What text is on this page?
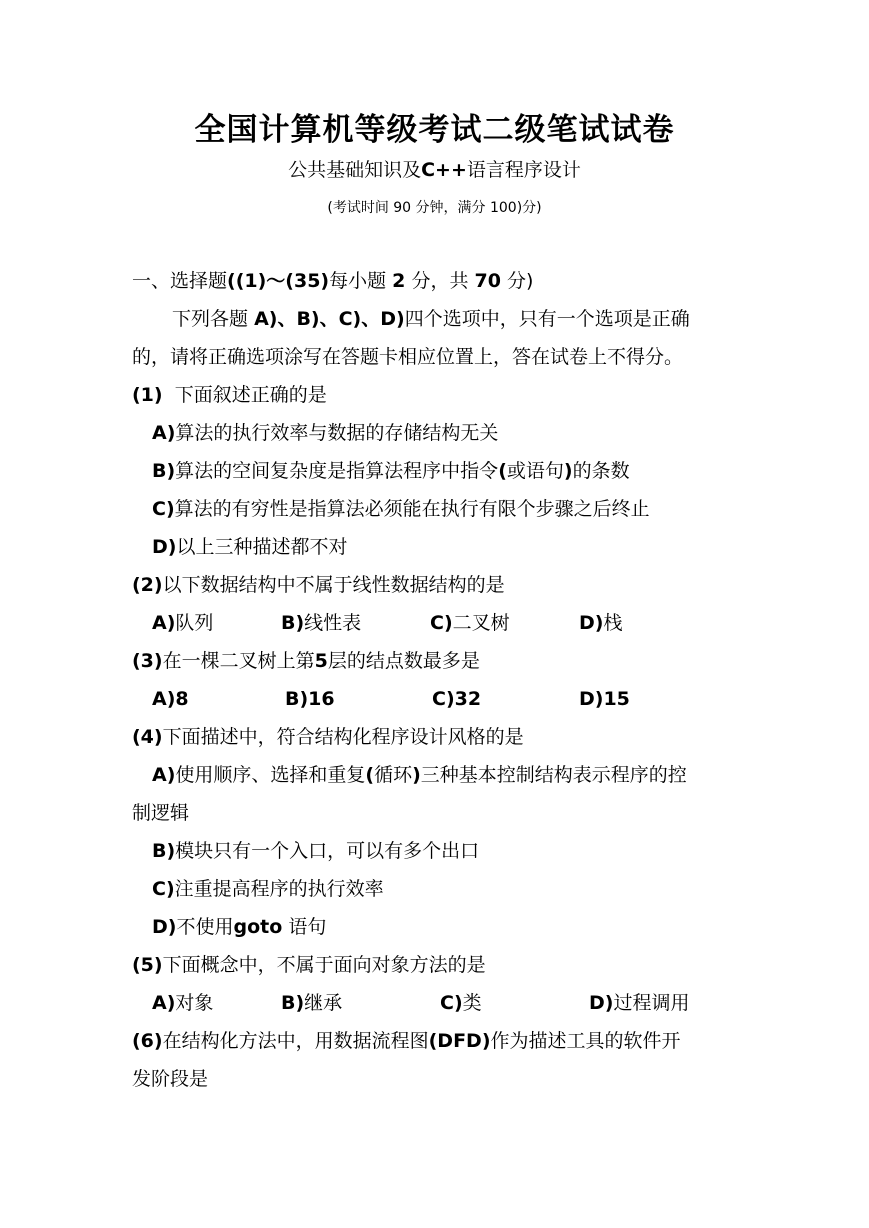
全国计算机等级考试二级笔试试卷
公共基础知识及C++语言程序设计
(考试时间 90 分钟，满分 100)分)
一、选择题((1)～(35)每小题 2 分，共 70 分)
下列各题 A)、B)、C)、D)四个选项中，只有一个选项是正确
的，请将正确选项涂写在答题卡相应位置上，答在试卷上不得分。
(1) 下面叙述正确的是
A)算法的执行效率与数据的存储结构无关
B)算法的空间复杂度是指算法程序中指令(或语句)的条数
C)算法的有穷性是指算法必须能在执行有限个步骤之后终止
D)以上三种描述都不对
(2)以下数据结构中不属于线性数据结构的是
A)队列	B)线性表	C)二叉树	D)栈
(3)在一棵二叉树上第5层的结点数最多是
A)8	B)16	C)32	D)15
(4)下面描述中，符合结构化程序设计风格的是
A)使用顺序、选择和重复(循环)三种基本控制结构表示程序的控
制逻辑
B)模块只有一个入口，可以有多个出口
C)注重提高程序的执行效率
D)不使用goto 语句
(5)下面概念中，不属于面向对象方法的是
A)对象	B)继承	C)类	D)过程调用
(6)在结构化方法中，用数据流程图(DFD)作为描述工具的软件开
发阶段是
